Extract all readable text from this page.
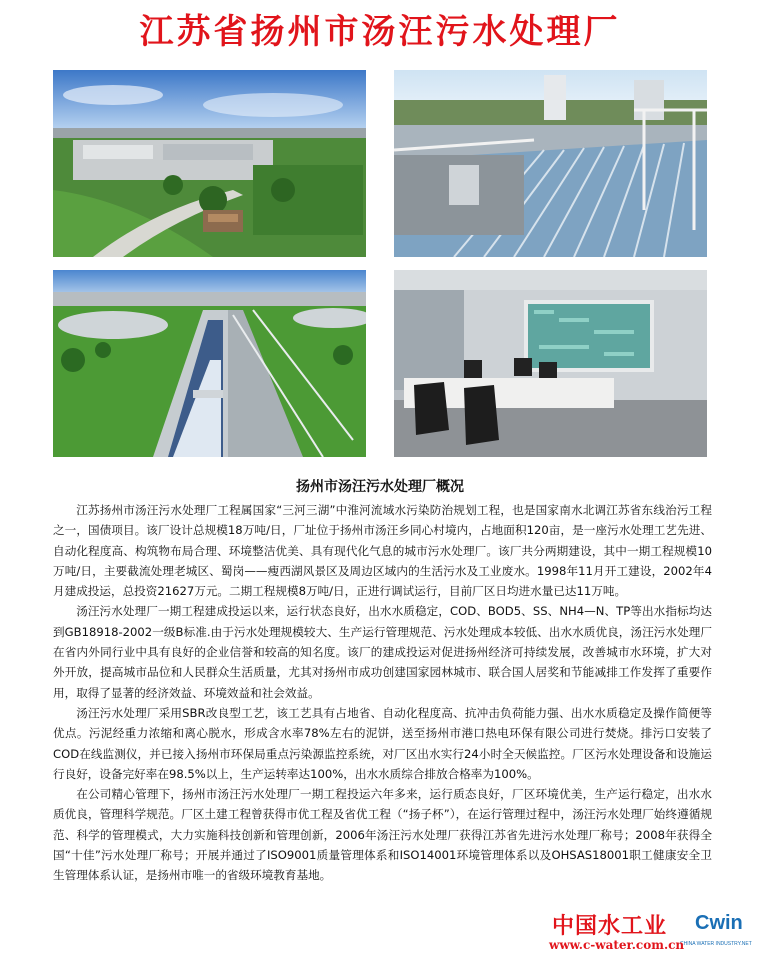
江苏省扬州市汤汪污水处理厂
扬州市汤汪污水处理厂概况

江苏扬州市汤汪污水处理厂工程属国家“三河三湖”中淮河流域水污染防治规划工程，也是国家南水北调江苏省东线治污工程之一，国债项目。该厂设计总规模18万吨/日，厂址位于扬州市汤汪乡同心村境内，占地面积120亩，是一座污水处理工艺先进、自动化程度高、构筑物布局合理、环境整洁优美、具有现代化气息的城市污水处理厂。该厂共分两期建设，其中一期工程规模10万吨/日，主要截流处理老城区、蜀岗——瘦西湖风景区及周边区域内的生活污水及工业废水。1998年11月开工建设，2002年4月建成投运，总投资21627万元。二期工程规模8万吨/日，正进行调试运行，目前厂区日均进水量已达11万吨。

汤汪污水处理厂一期工程建成投运以来，运行状态良好，出水水质稳定，COD、BOD5、SS、NH4—N、TP等出水指标均达到GB18918-2002一级B标准.由于污水处理规模较大、生产运行管理规范、污水处理成本较低、出水水质优良，汤汪污水处理厂在省内外同行业中具有良好的企业信誉和较高的知名度。该厂的建成投运对促进扬州经济可持续发展，改善城市水环境，扩大对外开放，提高城市品位和人民群众生活质量，尤其对扬州市成功创建国家园林城市、联合国人居奖和节能减排工作发挥了重要作用，取得了显著的经济效益、环境效益和社会效益。

汤汪污水处理厂采用SBR改良型工艺，该工艺具有占地省、自动化程度高、抗冲击负荷能力强、出水水质稳定及操作简便等优点。污泥经重力浓缩和离心脱水，形成含水率78%左右的泥饼，送至扬州市港口热电环保有限公司进行焚烧。排污口安装了COD在线监测仪，并已接入扬州市环保局重点污染源监控系统，对厂区出水实行24小时全天候监控。厂区污水处理设备和设施运行良好，设备完好率在98.5%以上，生产运转率达100%，出水水质综合排放合格率为100%。

在公司精心管理下，扬州市汤汪污水处理厂一期工程投运六年多来，运行质态良好，厂区环境优美，生产运行稳定，出水水质优良，管理科学规范。厂区土建工程曾获得市优工程及省优工程（“扬子杯”），在运行管理过程中，汤汪污水处理厂始终遵循规范、科学的管理模式，大力实施科技创新和管理创新，2006年汤汪污水处理厂获得江苏省先进污水处理厂称号；2008年获得全国“十佳”污水处理厂称号；开展并通过了ISO9001质量管理体系和ISO14001环境管理体系以及OHSAS18001职工健康安全卫生管理体系认证，是扬州市唯一的省级环境教育基地。

中国水工业 Cwin
CHINA WATER INDUSTRY.NET
www.c-water.com.cn
